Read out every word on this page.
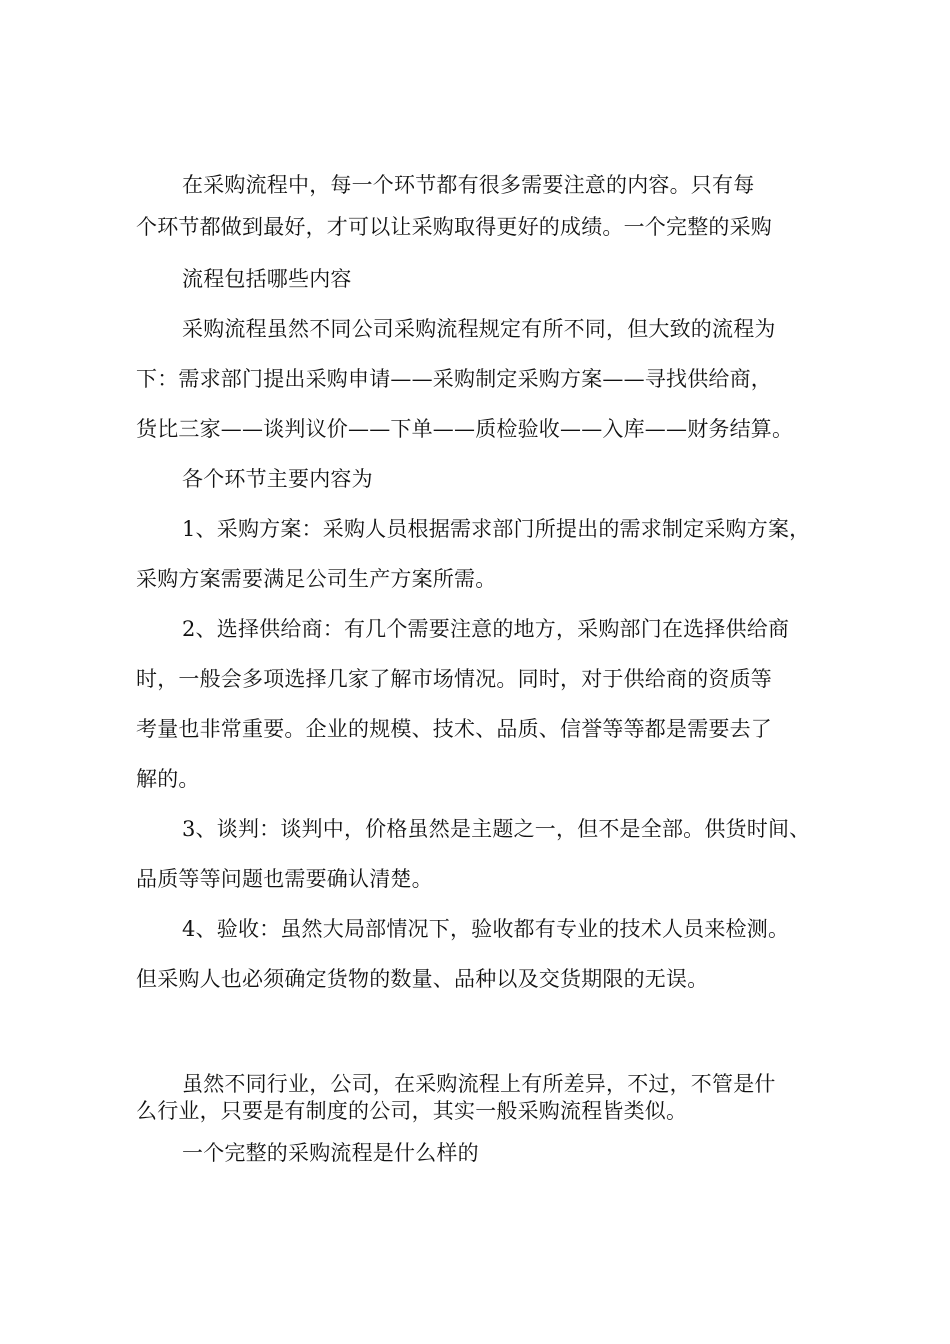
在采购流程中，每一个环节都有很多需要注意的内容。只有每
个环节都做到最好，才可以让采购取得更好的成绩。一个完整的采购
流程包括哪些内容
采购流程虽然不同公司采购流程规定有所不同，但大致的流程为
下：需求部门提出采购申请——采购制定采购方案——寻找供给商，
货比三家——谈判议价——下单——质检验收——入库——财务结算。
各个环节主要内容为
1、采购方案：采购人员根据需求部门所提出的需求制定采购方案，
采购方案需要满足公司生产方案所需。
2、选择供给商：有几个需要注意的地方，采购部门在选择供给商
时，一般会多项选择几家了解市场情况。同时，对于供给商的资质等
考量也非常重要。企业的规模、技术、品质、信誉等等都是需要去了
解的。
3、谈判：谈判中，价格虽然是主题之一，但不是全部。供货时间、
品质等等问题也需要确认清楚。
4、验收：虽然大局部情况下，验收都有专业的技术人员来检测。
但采购人也必须确定货物的数量、品种以及交货期限的无误。
虽然不同行业，公司，在采购流程上有所差异，不过，不管是什
么行业，只要是有制度的公司，其实一般采购流程皆类似。
一个完整的采购流程是什么样的
